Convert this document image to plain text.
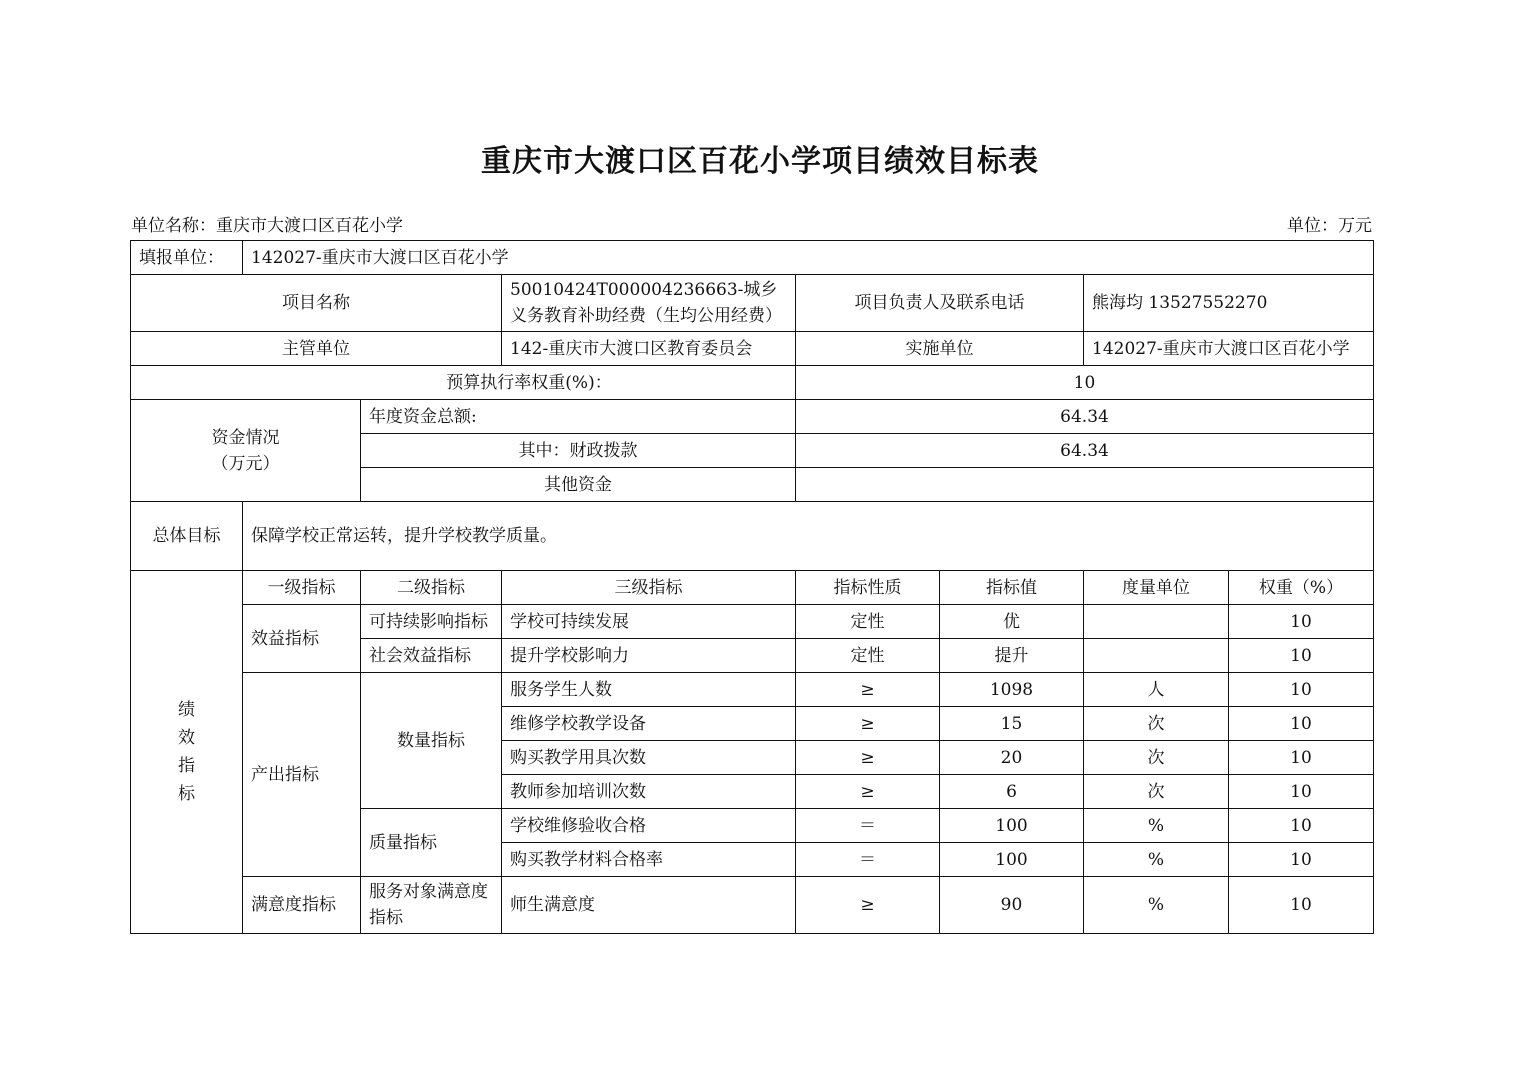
重庆市大渡口区百花小学项目绩效目标表
单位名称：重庆市大渡口区百花小学	单位：万元
填报单位：	142027-重庆市大渡口区百花小学						
项目名称			50010424T000004236663-城乡义务教育补助经费（生均公用经费）	项目负责人及联系电话		熊海均 13527552270	
主管单位			142-重庆市大渡口区教育委员会	实施单位		142027-重庆市大渡口区百花小学	
预算执行率权重(%)：				10			

资金情况
（万元）		年度资金总额:		64.34			
		其中：财政拨款		64.34			
		其他资金					
总体目标	保障学校正常运转，提升学校教学质量。						

绩
效
指
标	一级指标	二级指标	三级指标	指标性质	指标值	度量单位	权重（%）
	效益指标	可持续影响指标	学校可持续发展	定性	优		10
		社会效益指标	提升学校影响力	定性	提升		10
	产出指标	数量指标	服务学生人数	≥	1098	人	10
			维修学校教学设备	≥	15	次	10
			购买教学用具次数	≥	20	次	10
			教师参加培训次数	≥	6	次	10
		质量指标	学校维修验收合格	＝	100	%	10
			购买教学材料合格率	＝	100	%	10
	满意度指标	服务对象满意度指标	师生满意度	≥	90	%	10
